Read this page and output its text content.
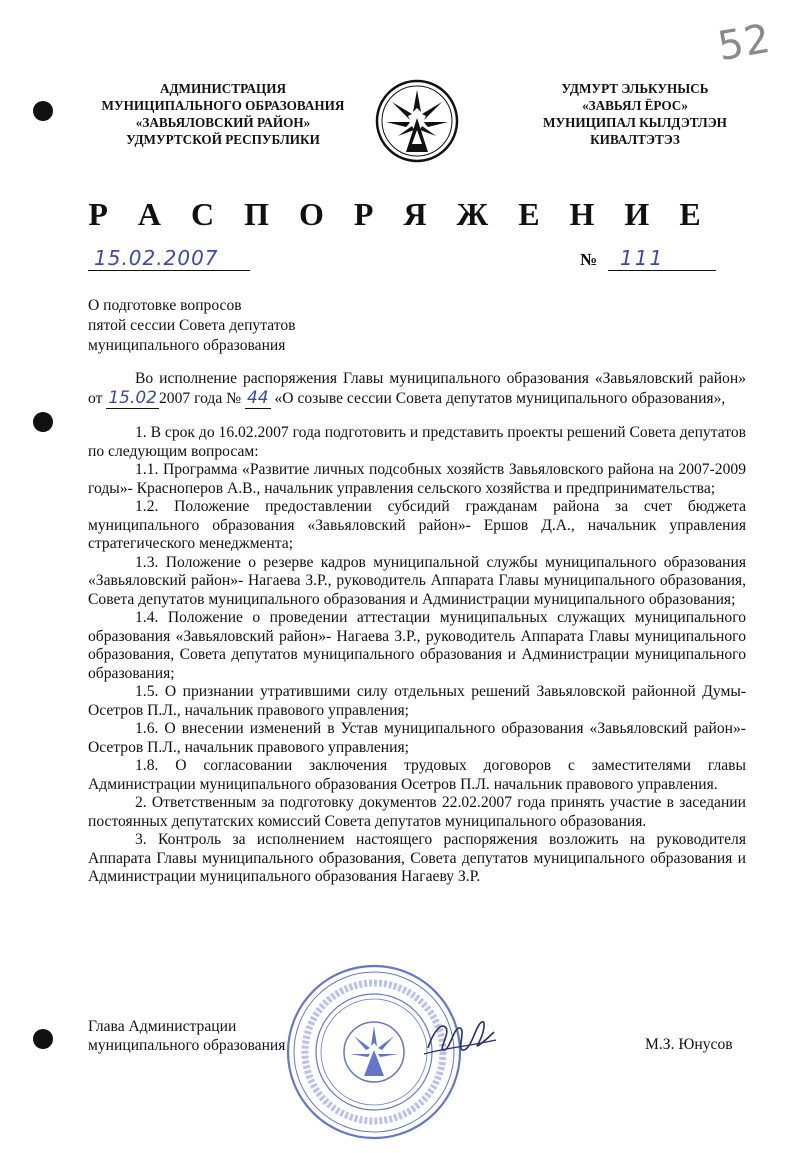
52
АДМИНИСТРАЦИЯ
МУНИЦИПАЛЬНОГО ОБРАЗОВАНИЯ
«ЗАВЬЯЛОВСКИЙ РАЙОН»
УДМУРТСКОЙ РЕСПУБЛИКИ
УДМУРТ ЭЛЬКУНЫСЬ
«ЗАВЬЯЛ ЁРОС»
МУНИЦИПАЛ КЫЛДЭТЛЭН
КИВАЛТЭТЭЗ
Р А С П О Р Я Ж Е Н И Е
15.02.2007	№ 111
О подготовке вопросов
пятой сессии Совета депутатов
муниципального образования

Во исполнение распоряжения Главы муниципального образования «Завьяловский район» от 15.02 2007 года № 44 «О созыве сессии Совета депутатов муниципального образования»,

1. В срок до 16.02.2007 года подготовить и представить проекты решений Совета депутатов по следующим вопросам:

1.1. Программа «Развитие личных подсобных хозяйств Завьяловского района на 2007-2009 годы»- Красноперов А.В., начальник управления сельского хозяйства и предпринимательства;

1.2. Положение предоставлении субсидий гражданам района за счет бюджета муниципального образования «Завьяловский район»- Ершов Д.А., начальник управления стратегического менеджмента;

1.3. Положение о резерве кадров муниципальной службы муниципального образования «Завьяловский район»- Нагаева З.Р., руководитель Аппарата Главы муниципального образования, Совета депутатов муниципального образования и Администрации муниципального образования;

1.4. Положение о проведении аттестации муниципальных служащих муниципального образования «Завьяловский район»- Нагаева З.Р., руководитель Аппарата Главы муниципального образования, Совета депутатов муниципального образования и Администрации муниципального образования;

1.5. О признании утратившими силу отдельных решений Завьяловской районной Думы- Осетров П.Л., начальник правового управления;

1.6. О внесении изменений в Устав муниципального образования «Завьяловский район»- Осетров П.Л., начальник правового управления;

1.8. О согласовании заключения трудовых договоров с заместителями главы Администрации муниципального образования Осетров П.Л. начальник правового управления.

2. Ответственным за подготовку документов 22.02.2007 года принять участие в заседании постоянных депутатских комиссий Совета депутатов муниципального образования.

3. Контроль за исполнением настоящего распоряжения возложить на руководителя Аппарата Главы муниципального образования, Совета депутатов муниципального образования и Администрации муниципального образования Нагаеву З.Р.

Глава Администрации
муниципального образования	М.З. Юнусов
